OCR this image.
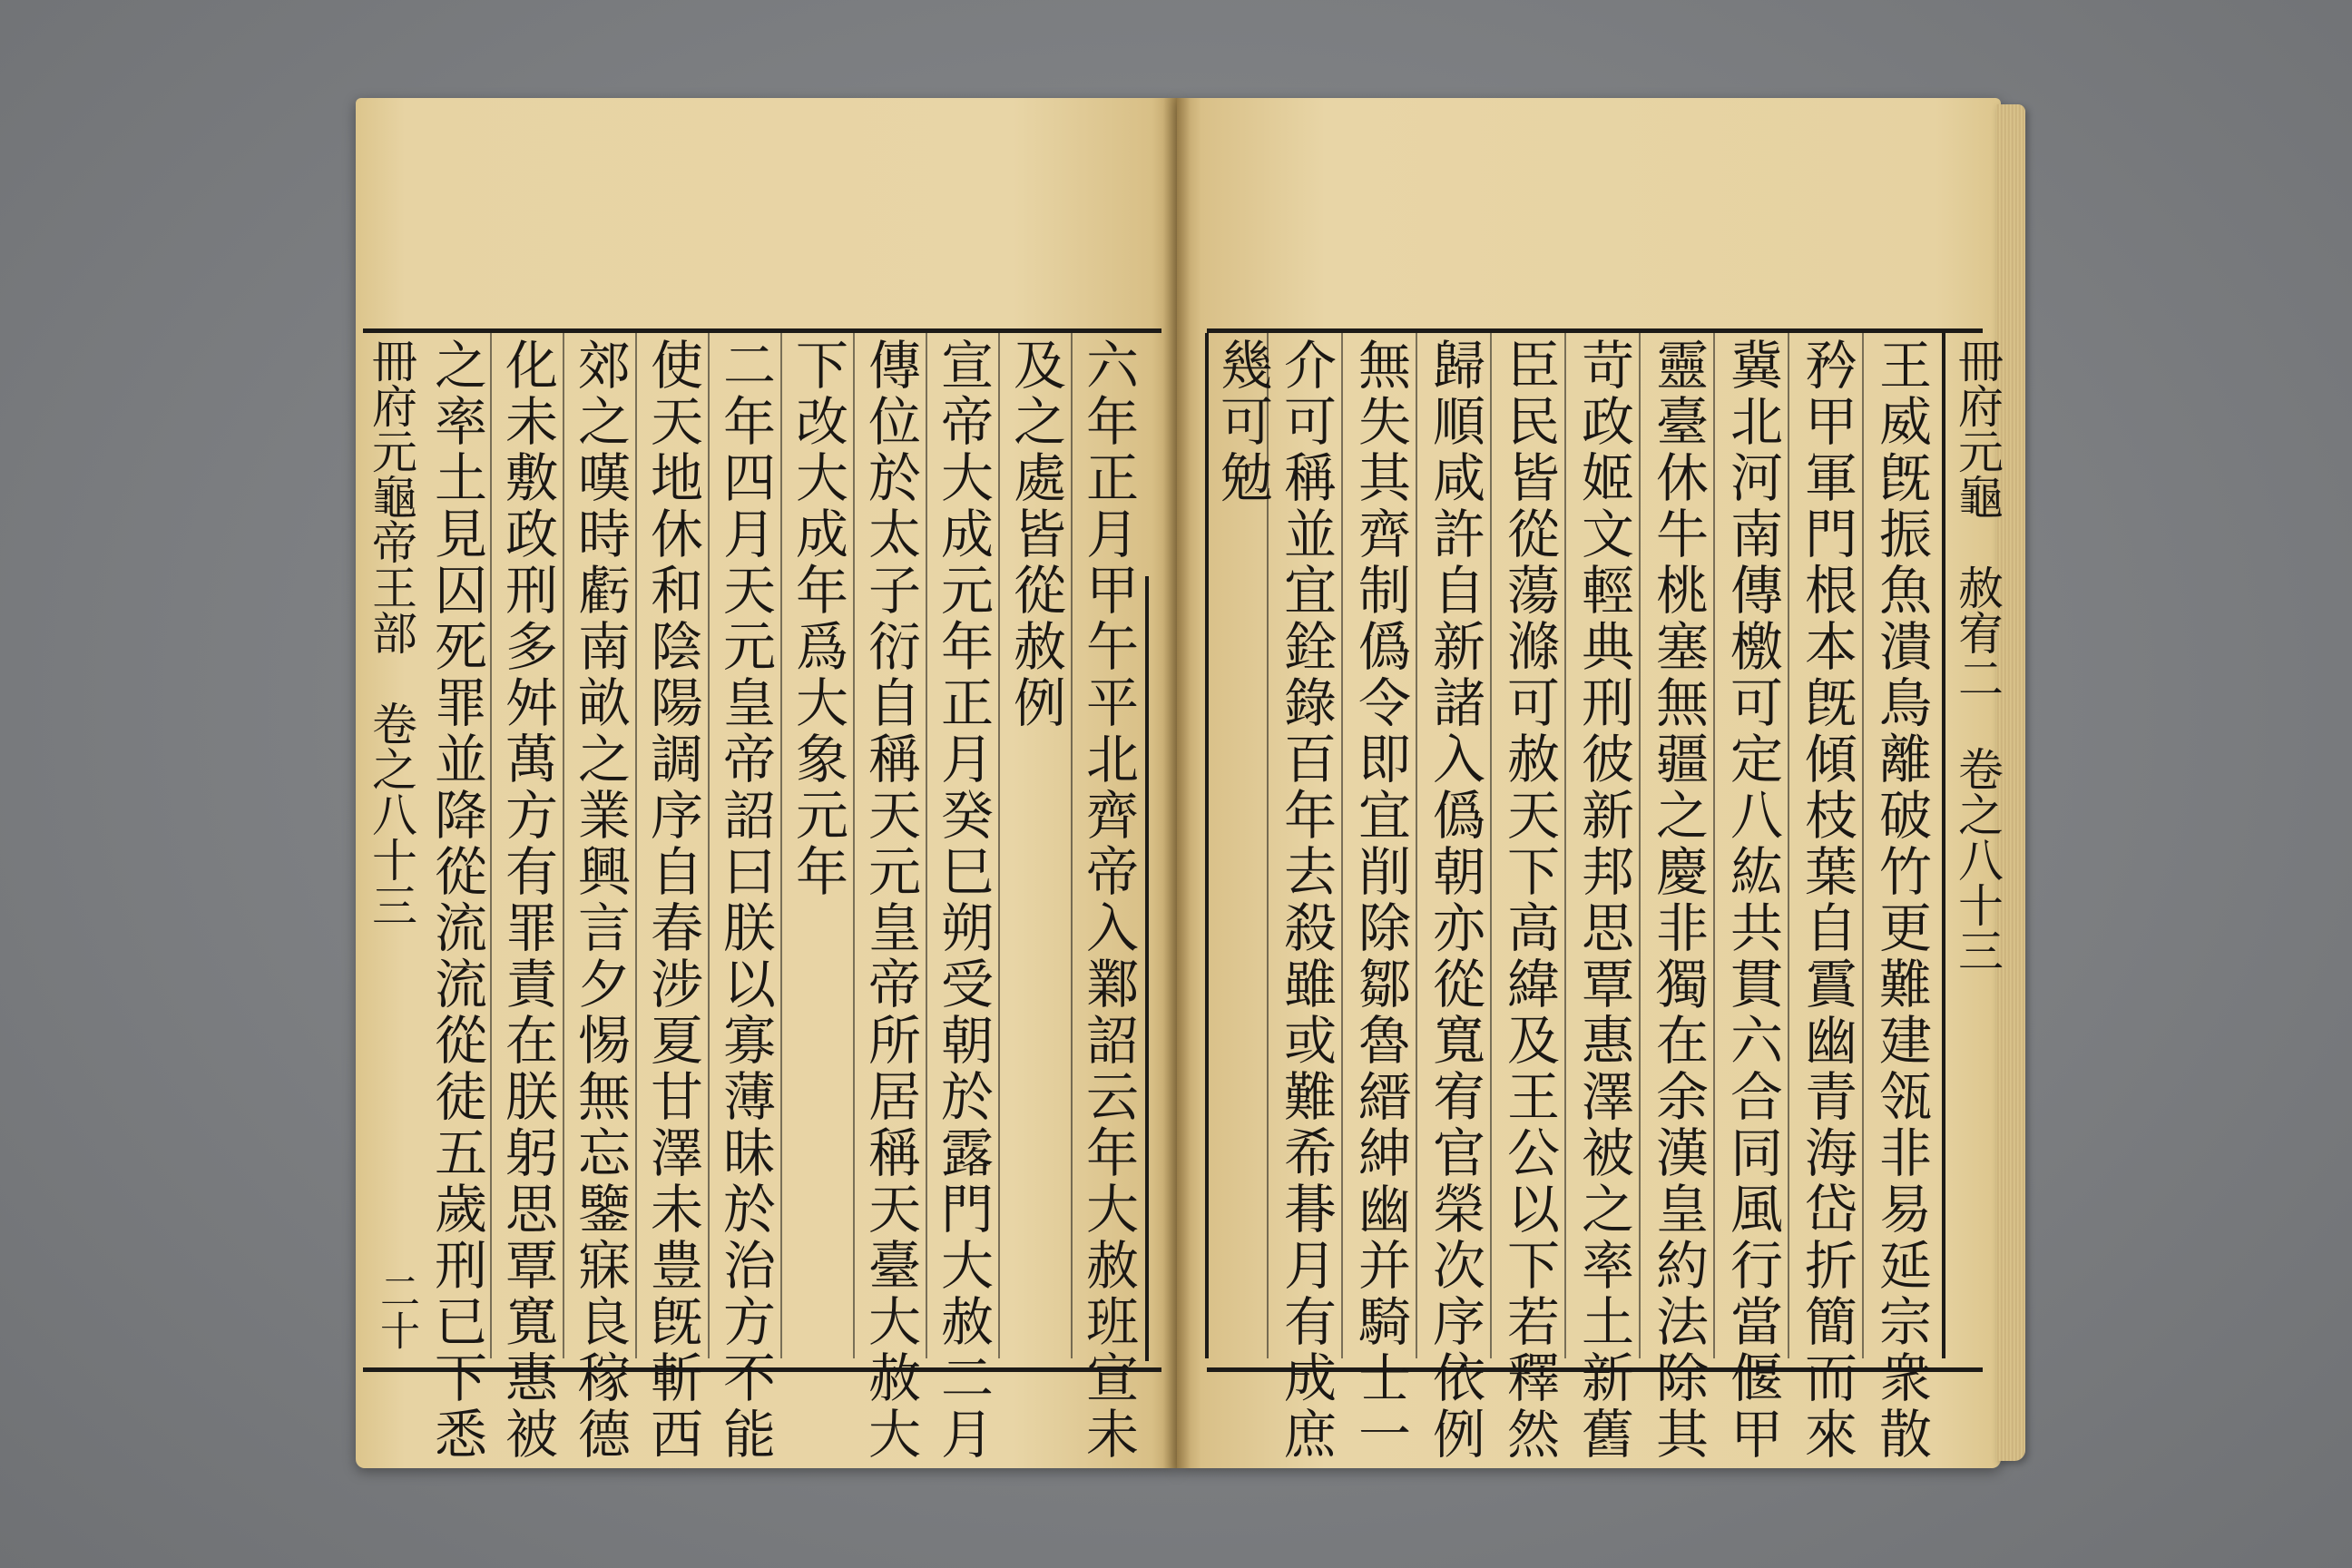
六年正月甲午平北齊帝入鄴詔云年大赦班宣未
及之處皆從赦例
宣帝大成元年正月癸巳朔受朝於露門大赦二月
傳位於太子衍自稱天元皇帝所居稱天臺大赦大
下改大成年爲大象元年
二年四月天元皇帝詔曰朕以寡薄昧於治方不能
使天地休和陰陽調序自春涉夏甘澤未豊旣斬西
郊之嘆時虧南畝之業興言夕惕無忘鑒寐良稼德
化未敷政刑多舛萬方有罪責在朕躬思覃寬惠被
冊府元龜帝王部　卷之八十三
二十
冊府元龜　赦宥二　卷之八十三
王威旣振魚潰鳥離破竹更難建瓴非易延宗衆散
矜甲軍門根本旣傾枝葉自霣幽青海岱折簡而來
冀北河南傳檄可定八紘共貫六合同風行當偃甲
靈臺休牛桃塞無疆之慶非獨在余漢皇約法除其
苛政姬文輕典刑彼新邦思覃惠澤被之率土新舊
臣民皆從蕩滌可赦天下高緯及王公以下若釋然
歸順咸許自新諸入僞朝亦從寬宥官榮次序依例
無失其齊制僞令即宜削除鄒魯縉紳幽并騎士一
介可稱並宜銓錄百年去殺雖或難希朞月有成庶
幾可勉
之率土見囚死罪並降從流流從徒五歲刑已下悉
